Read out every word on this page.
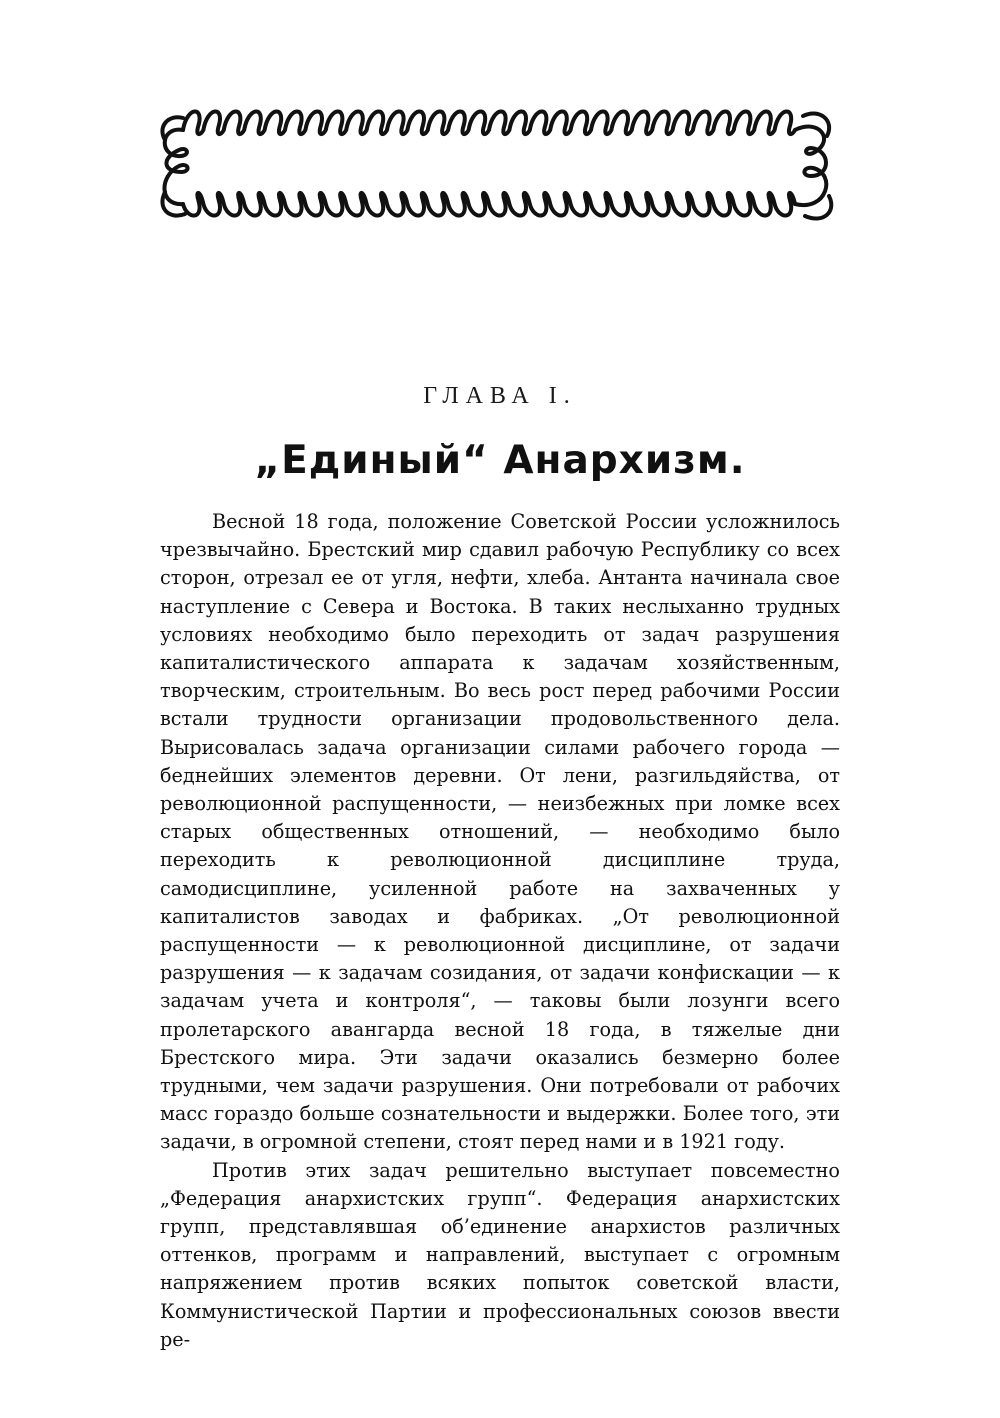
ГЛАВА I.
„Единый“ Анархизм.

Весной 18 года, положение Советской России усложнилось чрезвычайно. Брестский мир сдавил рабочую Республику со всех сторон, отрезал ее от угля, нефти, хлеба. Антанта начинала свое наступление с Севера и Востока. В таких неслыханно трудных условиях необходимо было переходить от задач разрушения капиталистического аппарата к задачам хозяйственным, творческим, строительным. Во весь рост перед рабочими России встали трудности организации продовольственного дела. Вырисовалась задача организации силами рабочего города — беднейших элементов деревни. От лени, разгильдяйства, от революционной распущенности, — неизбежных при ломке всех старых общественных отношений, — необходимо было переходить к революционной дисциплине труда, самодисциплине, усиленной работе на захваченных у капиталистов заводах и фабриках. „От революционной распущенности — к революционной дисциплине, от задачи разрушения — к задачам созидания, от задачи конфискации — к задачам учета и контроля“, — таковы были лозунги всего пролетарского авангарда весной 18 года, в тяжелые дни Брестского мира. Эти задачи оказались безмерно более трудными, чем задачи разрушения. Они потребовали от рабочих масс гораздо больше сознательности и выдержки. Более того, эти задачи, в огромной степени, стоят перед нами и в 1921 году.

Против этих задач решительно выступает повсеместно „Федерация анархистских групп“. Федерация анархистских групп, представлявшая об’единение анархистов различных оттенков, программ и направлений, выступает с огромным напряжением против всяких попыток советской власти, Коммунистической Партии и профессиональных союзов ввести ре-
